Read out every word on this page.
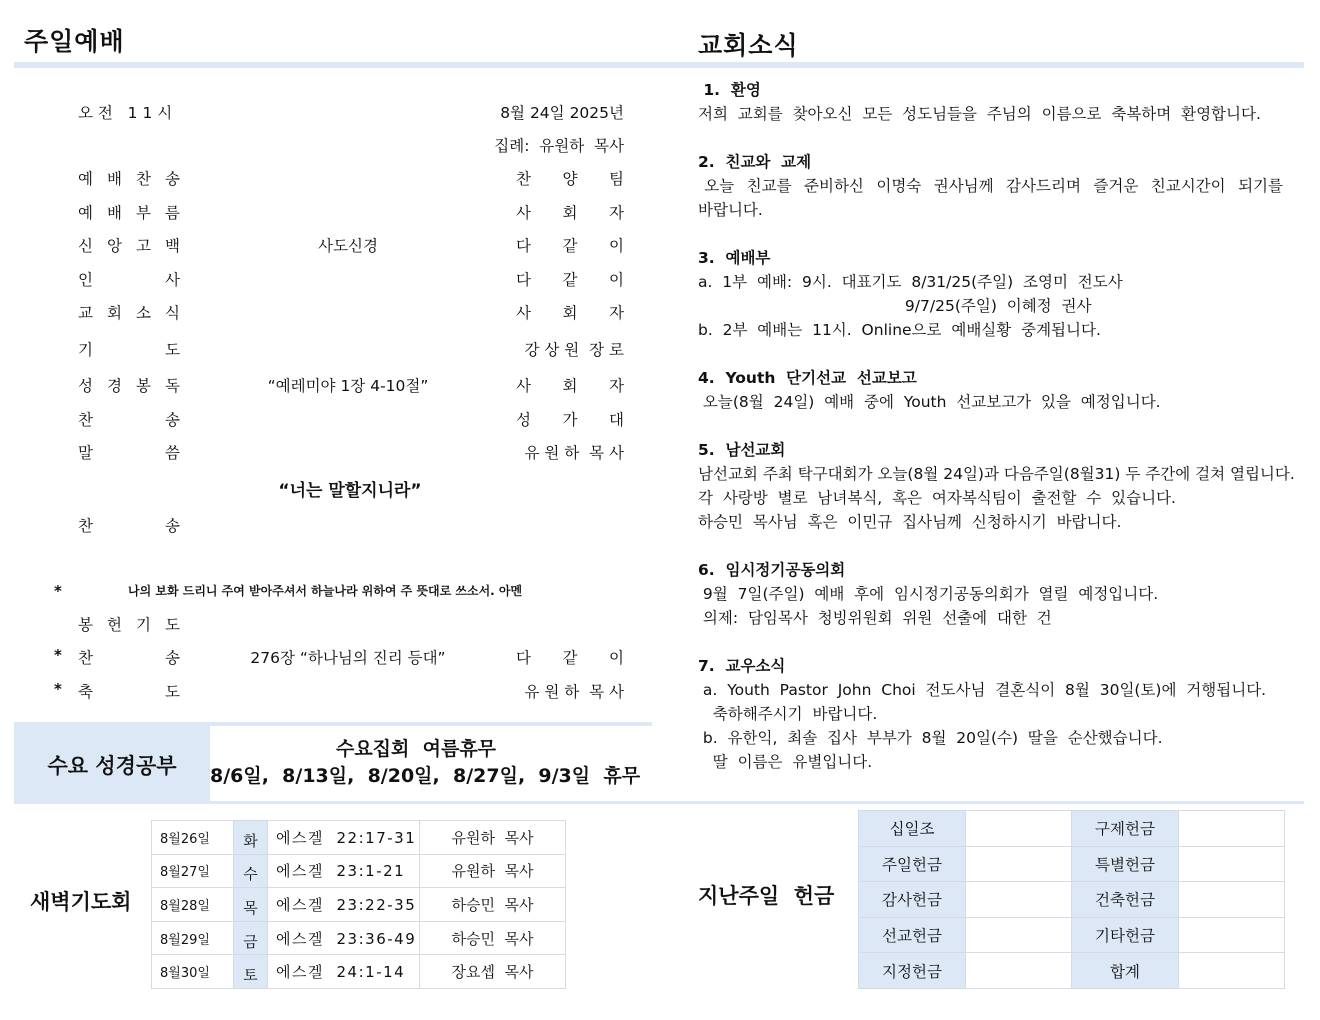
주일예배	교회소식
오 전   1 1 시	8월 24일 2025년
집례:  유원하  목사
예 배 찬 송	찬 양 팀
예 배 부 름	사 회 자
신 앙 고 백	사도신경	다 같 이
인	사	다 같 이
교 회 소 식	사 회 자
기	도	강 상 원  장 로
성 경 봉 독	“예레미야 1장 4-10절”	사 회 자
찬	송	성 가 대
말	씀	유 원 하  목 사
찬	송
봉 헌 기 도
찬	송	276장 “하나님의 진리 등대”	다 같 이
*
축	도	유 원 하  목 사
*
“너는 말할지니라”
*	나의 보화 드리니 주여 받아주셔서 하늘나라 위하여 주 뜻대로 쓰소서. 아멘
수요 성경공부
수요집회  여름휴무
8/6일,  8/13일,  8/20일,  8/27일,  9/3일  휴무
새벽기도회
8월26일	화	에스겔  22:17-31	유원하  목사
8월27일	수	에스겔  23:1-21	유원하  목사
8월28일	목	에스겔  23:22-35	하승민  목사
8월29일	금	에스겔  23:36-49	하승민  목사
8월30일	토	에스겔  24:1-14	장요셉  목사
1.  환영
저희  교회를  찾아오신  모든  성도님들을  주님의  이름으로  축복하며  환영합니다.
2.  친교와  교제
오늘  친교를  준비하신  이명숙  권사님께  감사드리며  즐거운  친교시간이  되기를
바랍니다.
3.  예배부
a.  1부  예배:  9시.  대표기도  8/31/25(주일)  조영미  전도사
9/7/25(주일)  이혜정  권사
b.  2부  예배는  11시.  Online으로  예배실황  중계됩니다.
4.  Youth  단기선교  선교보고
오늘(8월  24일)  예배  중에  Youth  선교보고가  있을  예정입니다.
5.  남선교회
남선교회 주최 탁구대회가 오늘(8월 24일)과 다음주일(8월31) 두 주간에 걸쳐 열립니다.
각  사랑방  별로  남녀복식,  혹은  여자복식팀이  출전할  수  있습니다.
하승민  목사님  혹은  이민규  집사님께  신청하시기  바랍니다.
6.  임시정기공동의회
9월  7일(주일)  예배  후에  임시정기공동의회가  열릴  예정입니다.
의제:  담임목사  청빙위원회  위원  선출에  대한  건
7.  교우소식
a.  Youth  Pastor  John  Choi  전도사님  결혼식이  8월  30일(토)에  거행됩니다.
축하해주시기  바랍니다.
b.  유한익,  최솔  집사  부부가  8월  20일(수)  딸을  순산했습니다.
딸  이름은  유별입니다.
지난주일  헌금
십일조		구제헌금	
주일헌금		특별헌금	
감사헌금		건축헌금	
선교헌금		기타헌금	
지정헌금		합계	
